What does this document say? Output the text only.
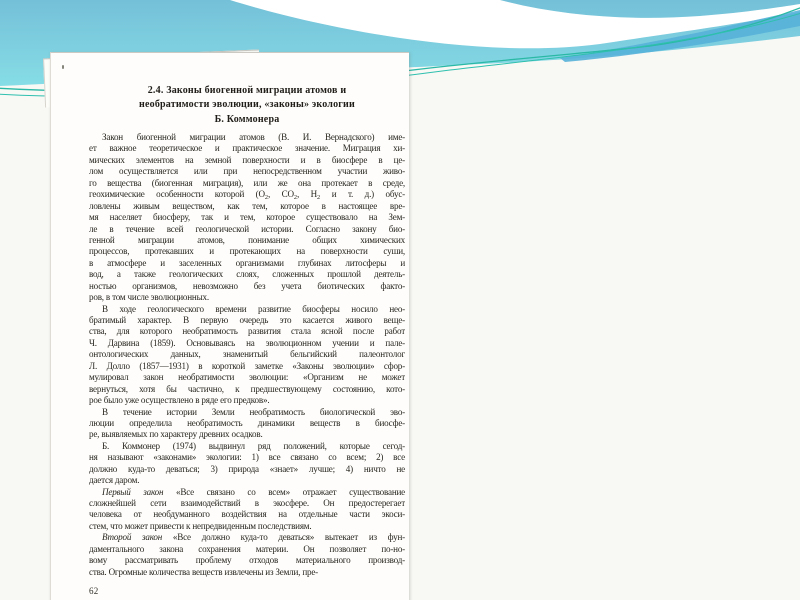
2.4. Законы биогенной миграции атомов и
необратимости эволюции, «законы» экологии
Б. Коммонера
Закон биогенной миграции атомов (В. И. Вернадского) име-
ет важное теоретическое и практическое значение. Миграция хи-
мических элементов на земной поверхности и в биосфере в це-
лом осуществляется или при непосредственном участии живо-
го вещества (биогенная миграция), или же она протекает в среде,
геохимические особенности которой (O2, CO2, H2 и т. д.) обус-
ловлены живым веществом, как тем, которое в настоящее вре-
мя населяет биосферу, так и тем, которое существовало на Зем-
ле в течение всей геологической истории. Согласно закону био-
генной миграции атомов, понимание общих химических
процессов, протекавших и протекающих на поверхности суши,
в атмосфере и заселенных организмами глубинах литосферы и
вод, а также геологических слоях, сложенных прошлой деятель-
ностью организмов, невозможно без учета биотических факто-
ров, в том числе эволюционных.
В ходе геологического времени развитие биосферы носило нео-
братимый характер. В первую очередь это касается живого веще-
ства, для которого необратимость развития стала ясной после работ
Ч. Дарвина (1859). Основываясь на эволюционном учении и пале-
онтологических данных, знаменитый бельгийский палеонтолог
Л. Долло (1857—1931) в короткой заметке «Законы эволюции» сфор-
мулировал закон необратимости эволюции: «Организм не может
вернуться, хотя бы частично, к предшествующему состоянию, кото-
рое было уже осуществлено в ряде его предков».
В течение истории Земли необратимость биологической эво-
люции определила необратимость динамики веществ в биосфе-
ре, выявляемых по характеру древних осадков.
Б. Коммонер (1974) выдвинул ряд положений, которые сегод-
ня называют «законами» экологии: 1) все связано со всем; 2) все
должно куда-то деваться; 3) природа «знает» лучше; 4) ничто не
дается даром.
Первый закон «Все связано со всем» отражает существование
сложнейшей сети взаимодействий в экосфере. Он предостерегает
человека от необдуманного воздействия на отдельные части экоси-
стем, что может привести к непредвиденным последствиям.
Второй закон «Все должно куда-то деваться» вытекает из фун-
даментального закона сохранения материи. Он позволяет по-но-
вому рассматривать проблему отходов материального производ-
ства. Огромные количества веществ извлечены из Земли, пре-
62
